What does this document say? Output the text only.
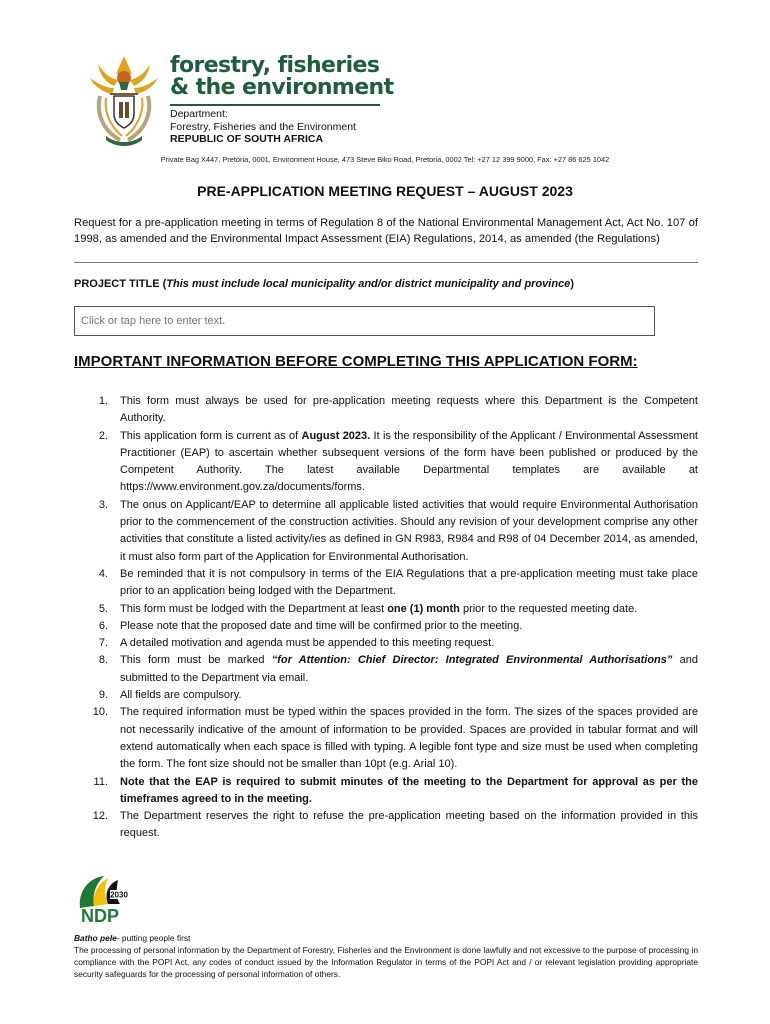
forestry, fisheries
& the environment
Department:
Forestry, Fisheries and the Environment
REPUBLIC OF SOUTH AFRICA
Private Bag X447, Pretoria, 0001, Environment House, 473 Steve Biko Road, Pretoria, 0002 Tel: +27 12 399 9000, Fax: +27 86 625 1042
PRE-APPLICATION MEETING REQUEST – AUGUST 2023
Request for a pre-application meeting in terms of Regulation 8 of the National Environmental Management Act, Act No. 107 of 1998, as amended and the Environmental Impact Assessment (EIA) Regulations, 2014, as amended (the Regulations)
PROJECT TITLE (This must include local municipality and/or district municipality and province)
Click or tap here to enter text.
IMPORTANT INFORMATION BEFORE COMPLETING THIS APPLICATION FORM:
1. This form must always be used for pre-application meeting requests where this Department is the Competent Authority.
2. This application form is current as of August 2023. It is the responsibility of the Applicant / Environmental Assessment Practitioner (EAP) to ascertain whether subsequent versions of the form have been published or produced by the Competent Authority. The latest available Departmental templates are available at https://www.environment.gov.za/documents/forms.
3. The onus on Applicant/EAP to determine all applicable listed activities that would require Environmental Authorisation prior to the commencement of the construction activities. Should any revision of your development comprise any other activities that constitute a listed activity/ies as defined in GN R983, R984 and R98 of 04 December 2014, as amended, it must also form part of the Application for Environmental Authorisation.
4. Be reminded that it is not compulsory in terms of the EIA Regulations that a pre-application meeting must take place prior to an application being lodged with the Department.
5. This form must be lodged with the Department at least one (1) month prior to the requested meeting date.
6. Please note that the proposed date and time will be confirmed prior to the meeting.
7. A detailed motivation and agenda must be appended to this meeting request.
8. This form must be marked “for Attention: Chief Director: Integrated Environmental Authorisations” and submitted to the Department via email.
9. All fields are compulsory.
10. The required information must be typed within the spaces provided in the form. The sizes of the spaces provided are not necessarily indicative of the amount of information to be provided. Spaces are provided in tabular format and will extend automatically when each space is filled with typing. A legible font type and size must be used when completing the form. The font size should not be smaller than 10pt (e.g. Arial 10).
11. Note that the EAP is required to submit minutes of the meeting to the Department for approval as per the timeframes agreed to in the meeting.
12. The Department reserves the right to refuse the pre-application meeting based on the information provided in this request.
2030
NDP
Batho pele- putting people first
The processing of personal information by the Department of Forestry, Fisheries and the Environment is done lawfully and not excessive to the purpose of processing in compliance with the POPI Act, any codes of conduct issued by the Information Regulator in terms of the POPI Act and / or relevant legislation providing appropriate security safeguards for the processing of personal information of others.
